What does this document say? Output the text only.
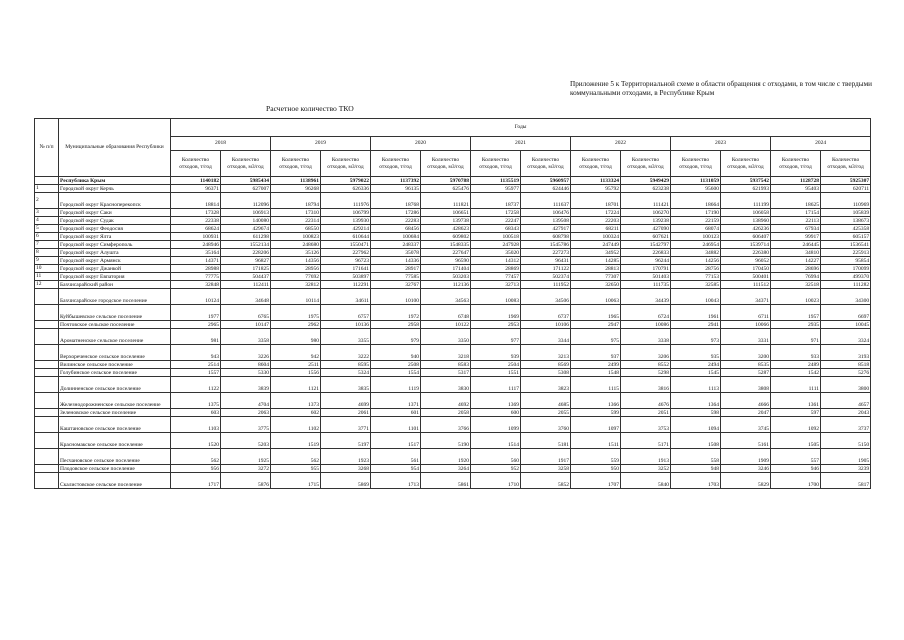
Приложение 5 к Территориальной схеме в области обращения с отходами, в том числе с твердыми коммунальными отходами, в Республике Крым
Расчетное количество ТКО
№ п/п	Муниципальные образования Республики	Годы													
		2018		2019		2020		2021		2022		2023		2024	
		Количество отходов, т/год	Количество отходов, м3/год	Количество отходов, т/год	Количество отходов, м3/год	Количество отходов, т/год	Количество отходов, м3/год	Количество отходов, т/год	Количество отходов, м3/год	Количество отходов, т/год	Количество отходов, м3/год	Количество отходов, т/год	Количество отходов, м3/год	Количество отходов, т/год	Количество отходов, м3/год
	Республика Крым	1140182	5985434	1138961	5979022	1137392	5970788	1135519	5960957	1133324	5949429	1131059	5937542	1128728	5925307
1	Городской округ Керчь	96371	627007	96268	626336	96135	625476	95977	624446	95792	623238	95600	621993	95403	620711
2	Городской округ Красноперекопск	18814	112096	18794	111976	18768	111821	18737	111637	18701	111421	18664	111199	18625	110969
3	Городской округ Саки	17328	106913	17310	106799	17286	106651	17258	106476	17224	106270	17190	106058	17154	105839
4	Городской округ Судак	22338	140080	22314	139930	22283	139738	22247	139508	22203	139238	22159	138960	22113	138673
5	Городской округ Феодосия	68624	429674	68550	429214	68456	428623	68343	427917	68211	427090	68074	426236	67934	425358
6	Городской округ Ялта	100931	611298	100823	610644	100684	609802	100518	608798	100324	607621	100123	606407	99917	605157
7	Городской округ Симферополь	248946	1552134	248680	1550471	248337	1548335	247928	1545786	247449	1542797	246954	1539714	246445	1536541
8	Городской округ Алушта	35164	228206	35126	227962	35078	227647	35020	227273	34952	226833	34882	226380	34810	225913
9	Городской округ Армянск	14371	96827	14356	96723	14336	96590	14312	96431	14285	96244	14256	96052	14227	95854
10	Городской округ Джанкой	28988	171825	28956	171641	28917	171404	28869	171122	28813	170791	28756	170450	28696	170099
11	Городской округ Евпатория	77775	504437	77692	503897	77585	503203	77457	502374	77307	501403	77153	500401	76994	499370
12	Бахчисарайский район	32848	112411	32812	112291	32767	112136	32713	111952	32650	111735	32585	111512	32518	111282
	Бахчисарайское городское поселение	10124	34648	10114	34611	10100	34563	10083	34506	10063	34439	10043	34371	10023	34300
	Куйбышевское сельское поселение	1977	6765	1975	6757	1972	6748	1969	6737	1965	6724	1961	6711	1957	6697
	Почтовское сельское поселение	2965	10147	2962	10136	2958	10122	2953	10106	2947	10086	2941	10066	2935	10045
	Ароматненское сельское поселение	981	3358	980	3355	979	3350	977	3344	975	3338	973	3331	971	3324
	Верхореченское сельское поселение	943	3226	942	3222	940	3218	939	3213	937	3206	935	3200	933	3193
	Вилинское сельское поселение	2514	8604	2511	8595	2508	8583	2504	8569	2499	8552	2494	8535	2489	8518
	Голубинское сельское поселение	1557	5330	1556	5324	1554	5317	1551	5308	1548	5298	1545	5287	1542	5276
	Долинненское сельское поселение	1122	3839	1121	3835	1119	3830	1117	3823	1115	3816	1113	3808	1111	3800
	Железнодорожненское сельское поселение	1375	4704	1373	4699	1371	4692	1369	4685	1366	4676	1364	4666	1361	4657
	Зеленовское сельское поселение	603	2063	602	2061	601	2058	600	2055	599	2051	598	2047	597	2043
	Каштановское сельское поселение	1103	3775	1102	3771	1101	3766	1099	3760	1097	3753	1094	3745	1092	3737
	Красномакское сельское поселение	1520	5203	1519	5197	1517	5190	1514	5181	1511	5171	1508	5161	1505	5150
	Песчановское сельское поселение	562	1925	562	1923	561	1920	560	1917	559	1913	558	1909	557	1905
	Плодовское сельское поселение	956	3272	955	3268	954	3264	952	3258	950	3252	948	3246	946	3239
	Скалистовское сельское поселение	1717	5876	1715	5869	1713	5861	1710	5852	1707	5840	1703	5829	1700	5817
